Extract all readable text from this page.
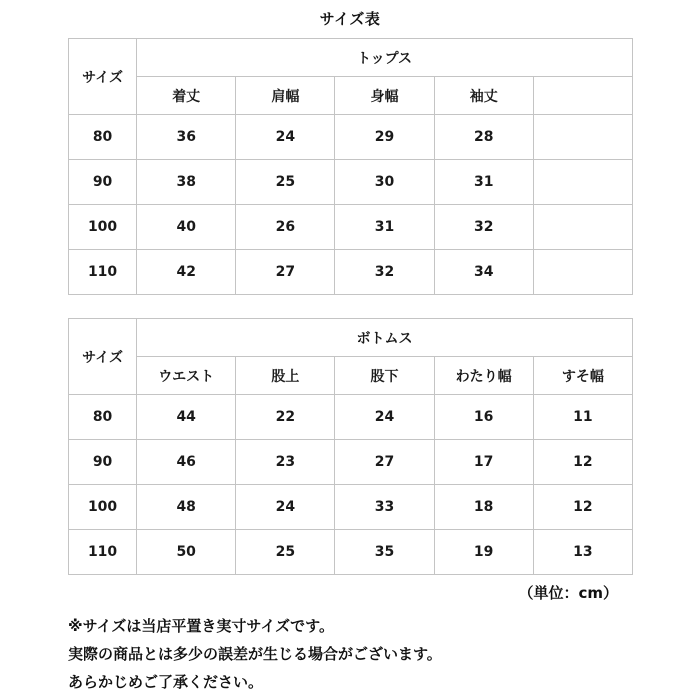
サイズ表
サイズ	トップス				
	着丈	肩幅	身幅	袖丈	
80	36	24	29	28	
90	38	25	30	31	
100	40	26	31	32	
110	42	27	32	34	
サイズ	ボトムス				
	ウエスト	股上	股下	わたり幅	すそ幅
80	44	22	24	16	11
90	46	23	27	17	12
100	48	24	33	18	12
110	50	25	35	19	13
（単位：cm）
※サイズは当店平置き実寸サイズです。
実際の商品とは多少の誤差が生じる場合がございます。
あらかじめご了承ください。
